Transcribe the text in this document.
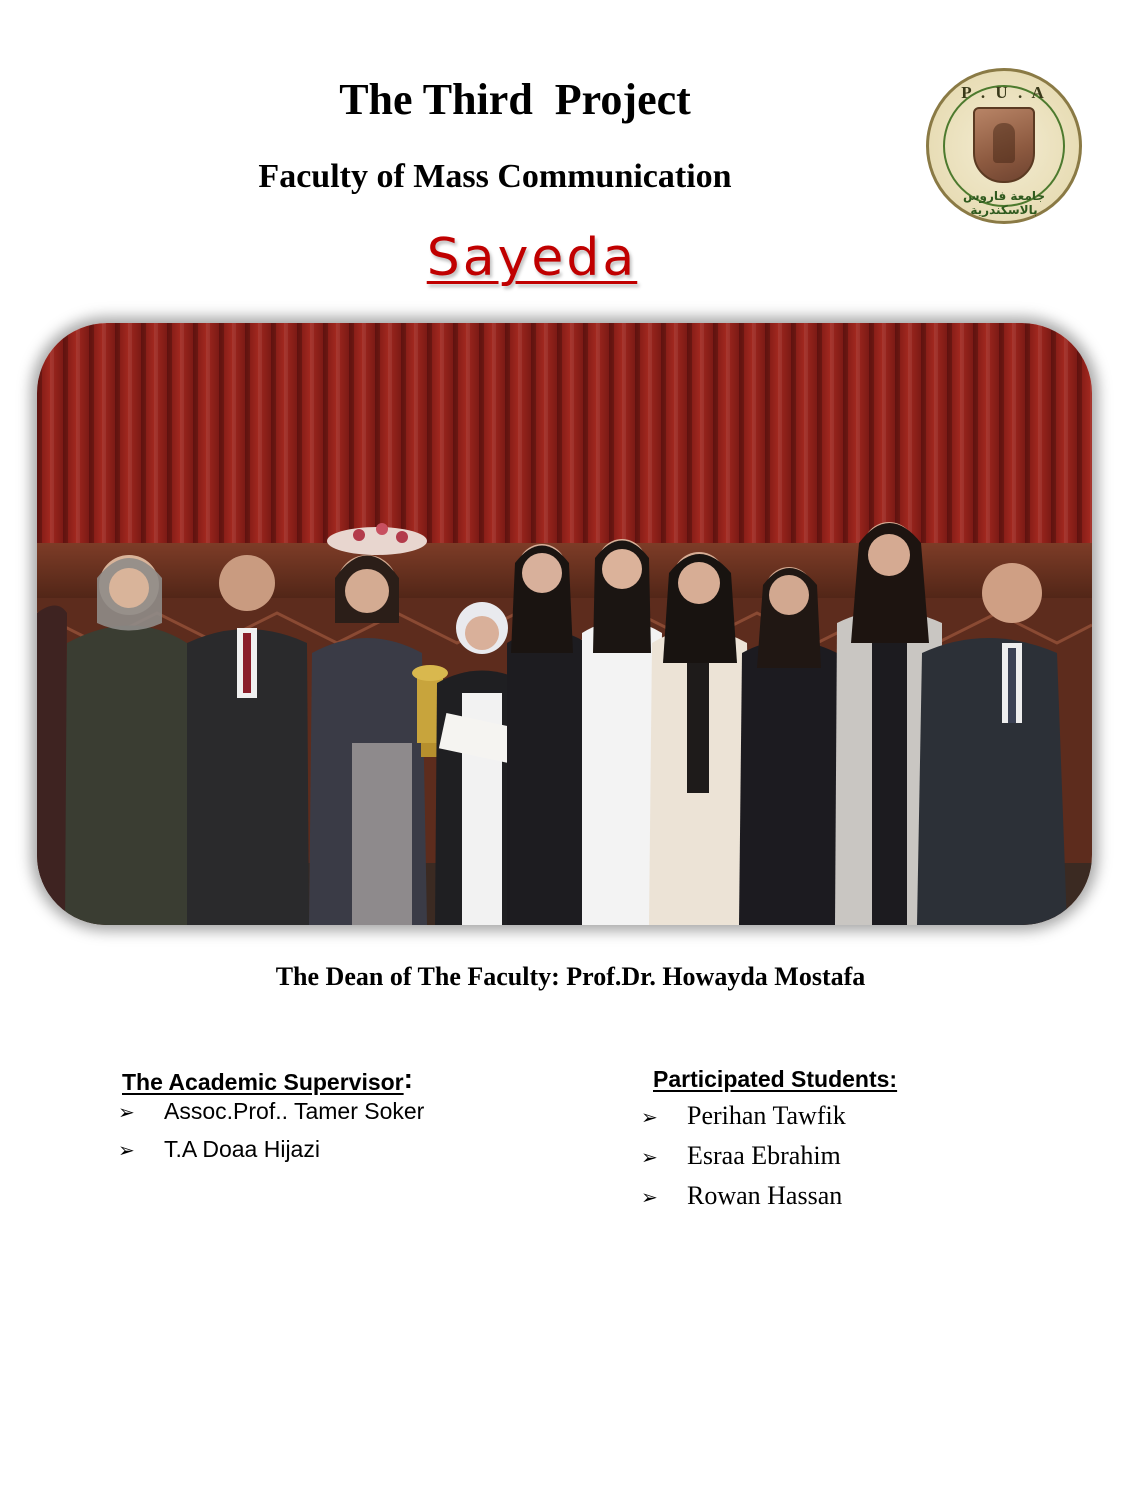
The Third  Project
Faculty of Mass Communication
Sayeda
P . U . A
جامعة فاروس بالاسكندرية
The Dean of The Faculty: Prof.Dr. Howayda Mostafa
The Academic Supervisor:
➢ Assoc.Prof.. Tamer Soker
➢ T.A Doaa Hijazi
Participated Students:
➢ Perihan Tawfik
➢ Esraa Ebrahim
➢ Rowan Hassan
